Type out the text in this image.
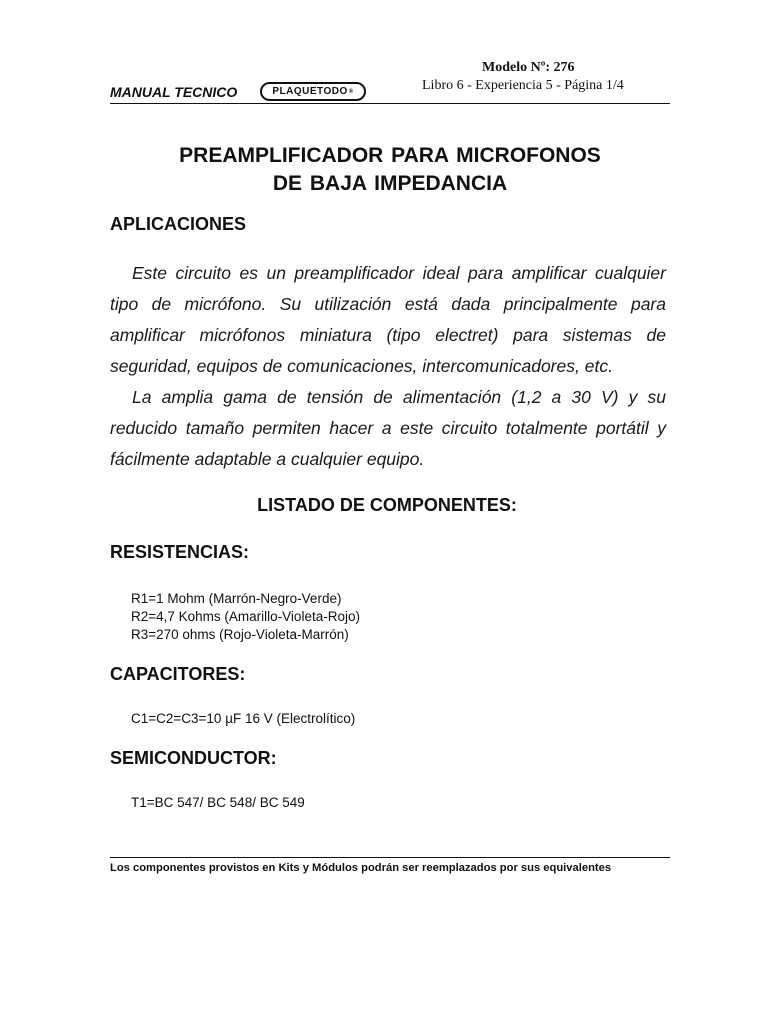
Modelo Nº: 276
Libro 6 - Experiencia 5 - Página 1/4
MANUAL TECNICO	PLAQUETODO ®
PREAMPLIFICADOR PARA MICROFONOS
DE BAJA IMPEDANCIA
APLICACIONES

Este circuito es un preamplificador ideal para amplificar cualquier tipo de micrófono. Su utilización está dada principalmente para amplificar micrófonos miniatura (tipo electret) para sistemas de seguridad, equipos de comunicaciones, intercomunicadores, etc.

La amplia gama de tensión de alimentación (1,2 a 30 V) y su reducido tamaño permiten hacer a este circuito totalmente portátil y fácilmente adaptable a cualquier equipo.

LISTADO DE COMPONENTES:
RESISTENCIAS:
R1=1 Mohm (Marrón-Negro-Verde)
R2=4,7 Kohms (Amarillo-Violeta-Rojo)
R3=270 ohms (Rojo-Violeta-Marrón)
CAPACITORES:
C1=C2=C3=10 µF 16 V (Electrolítico)
SEMICONDUCTOR:
T1=BC 547/ BC 548/ BC 549
Los componentes provistos en Kits y Módulos podrán ser reemplazados por sus equivalentes
